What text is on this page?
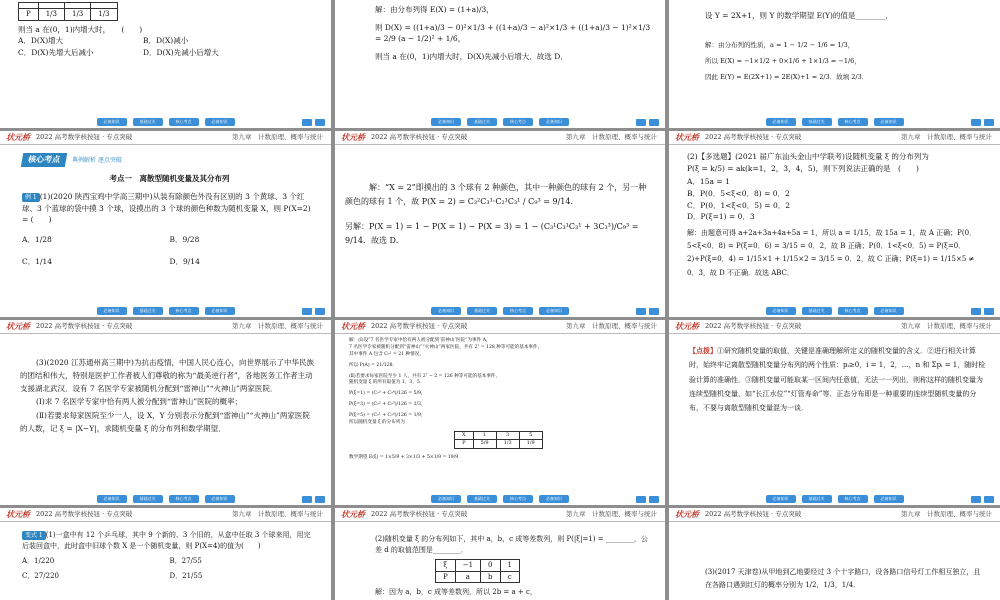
P	1/3	1/3	1/3
则当 a 在(0，1)内增大时，　　(　　)
A．D(X)增大	B．D(X)减小
C．D(X)先增大后减小	D．D(X)先减小后增大
必备知识	基础过关	核心考点	必备知识
解：由分布列得 E(X) = (1+a)/3，
则 D(X) = ((1+a)/3 − 0)²×1/3 + ((1+a)/3 − a)²×1/3 + ((1+a)/3 − 1)²×1/3 = 2/9 (a − 1/2)² + 1/6，
则当 a 在(0，1)内增大时，D(X)先减小后增大．故选 D．
必备知识	基础过关	核心考点	必备知识
设 Y = 2X+1，则 Y 的数学期望 E(Y)的值是________．
解：由分布列的性质，a = 1 − 1/2 − 1/6 = 1/3，
所以 E(X) = −1×1/2 + 0×1/6 + 1×1/3 = −1/6，
因此 E(Y) = E(2X+1) = 2E(X)+1 = 2/3．故填 2/3．
必备知识	基础过关	核心考点	必备知识
状元桥 2022 高考数学核按钮 · 专点突破	第九章　计数原理、概率与统计
核心考点 典例解析 逐点突破
考点一　离散型随机变量及其分布列
例 1 (1)(2020 陕西宝鸡中学高三期中)从装有除颜色外没有区别的 3 个黄球、3 个红球、3 个蓝球的袋中摸 3 个球，设摸出的 3 个球的颜色种数为随机变量 X，则 P(X=2) = (　　)
A．1/28	B．9/28
C．1/14	D．9/14
必备知识	基础过关	核心考点	必备知识
状元桥 2022 高考数学核按钮 · 专点突破	第九章　计数原理、概率与统计
解：“X = 2”即摸出的 3 个球有 2 种颜色，其中一种颜色的球有 2 个，另一种颜色的球有 1 个，故 P(X = 2) = C₃²C₃¹·C₂¹C₃¹ / C₉³ = 9/14．
另解：P(X = 1) = 1 − P(X = 1) − P(X = 3) = 1 − (C₃¹C₃¹C₃¹ + 3C₃³)/C₉³ = 9/14．故选 D．
必备知识	基础过关	核心考点	必备知识
状元桥 2022 高考数学核按钮 · 专点突破	第九章　计数原理、概率与统计
(2)【多选题】(2021 届广东汕头金山中学联考)设随机变量 ξ 的分布列为
P(ξ = k/5) = ak(k=1，2，3，4，5)，则下列说法正确的是　(　　)
A．15a = 1
B．P(0．5<ξ<0．8) = 0．2
C．P(0．1<ξ<0．5) = 0．2
D．P(ξ=1) = 0．3
解：由题意可得 a+2a+3a+4a+5a = 1，所以 a = 1/15，故 15a = 1，故 A 正确；P(0．5<ξ<0．8) = P(ξ=0．6) = 3/15 = 0．2，故 B 正确；P(0．1<ξ<0．5) = P(ξ=0．2)+P(ξ=0．4) = 1/15×1 + 1/15×2 = 3/15 = 0．2，故 C 正确；P(ξ=1) = 1/15×5 ≠ 0．3，故 D 不正确．故选 ABC．
必备知识	基础过关	核心考点	必备知识
状元桥 2022 高考数学核按钮 · 专点突破	第九章　计数原理、概率与统计
(3)(2020 江苏通州高三期中)为抗击疫情，中国人民心连心，向世界展示了中华民族的团结和伟大，特别是医护工作者被人们尊敬的称为“最美逆行者”，各地医务工作者主动支援湖北武汉．设有 7 名医学专家被随机分配到“雷神山”“火神山”两家医院．
(Ⅰ)求 7 名医学专家中恰有两人被分配到“雷神山”医院的概率；
(Ⅱ)若要求每家医院至少一人，设 X，Y 分别表示分配到“雷神山”“火神山”两家医院的人数，记 ξ = |X−Y|，求随机变量 ξ 的分布列和数学期望．
必备知识	基础过关	核心考点	必备知识
状元桥 2022 高考数学核按钮 · 专点突破	第九章　计数原理、概率与统计
解：(Ⅰ)设“7 名医学专家中恰有两人被分配到‘雷神山’医院”为事件 A，
7 名医学专家被随机分配到“雷神山”“火神山”两家医院，共有 2⁷ = 128 种等可能的基本事件，
其中事件 A 包含 C₇² = 21 种情况，
所以 P(A) = 21/128．
(Ⅱ)若要求每家医院至少 1 人，共有 2⁷ − 2 = 126 种等可能的基本事件，
随机变量 ξ 的所有取值为 1，3，5．
P(ξ=1) = (C₇³ + C₇⁴)/126 = 5/9，
P(ξ=3) = (C₇² + C₇⁵)/126 = 1/3，
P(ξ=5) = (C₇¹ + C₇⁶)/126 = 1/9，
所以随机变量 ξ 的分布列为
X	1	3	5
P	5/9	1/3	1/9
数学期望 E(ξ) = 1×5/9 + 3×1/3 + 5×1/9 = 19/9．
必备知识	基础过关	核心考点	必备知识
状元桥 2022 高考数学核按钮 · 专点突破	第九章　计数原理、概率与统计
【点拨】①研究随机变量的取值，关键是准确理解所定义的随机变量的含义．②进行相关计算时，始终牢记离散型随机变量分布列的两个性质：pᵢ≥0，i = 1，2，…，n 和 Σpᵢ = 1，随时检验计算的准确性．③随机变量可能取某一区间内任意值，无法一一列出，则称这样的随机变量为连续型随机变量，如“长江水位”“灯管寿命”等．正态分布即是一种重要的连续型随机变量的分布，不要与离散型随机变量混为一谈．
必备知识	基础过关	核心考点	必备知识
状元桥 2022 高考数学核按钮 · 专点突破	第九章　计数原理、概率与统计
变式 1 (1)一盒中有 12 个乒乓球，其中 9 个新的、3 个旧的，从盒中任取 3 个球来用，用完后装回盒中，此时盒中旧球个数 X 是一个随机变量，则 P(X=4)的值为(　　)
A．1/220	B．27/55
C．27/220	D．21/55
状元桥 2022 高考数学核按钮 · 专点突破	第九章　计数原理、概率与统计
(2)随机变量 ξ 的分布列如下，其中 a，b，c 成等差数列，则 P(|ξ|=1) = ________，公差 d 的取值范围是________．
ξ	−1	0	1
P	a	b	c
解：因为 a，b，c 成等差数列，所以 2b = a + c，
状元桥 2022 高考数学核按钮 · 专点突破	第九章　计数原理、概率与统计
(3)(2017 天津卷)从甲地到乙地要经过 3 个十字路口，设各路口信号灯工作相互独立，且在各路口遇到红灯的概率分别为 1/2，1/3，1/4．
